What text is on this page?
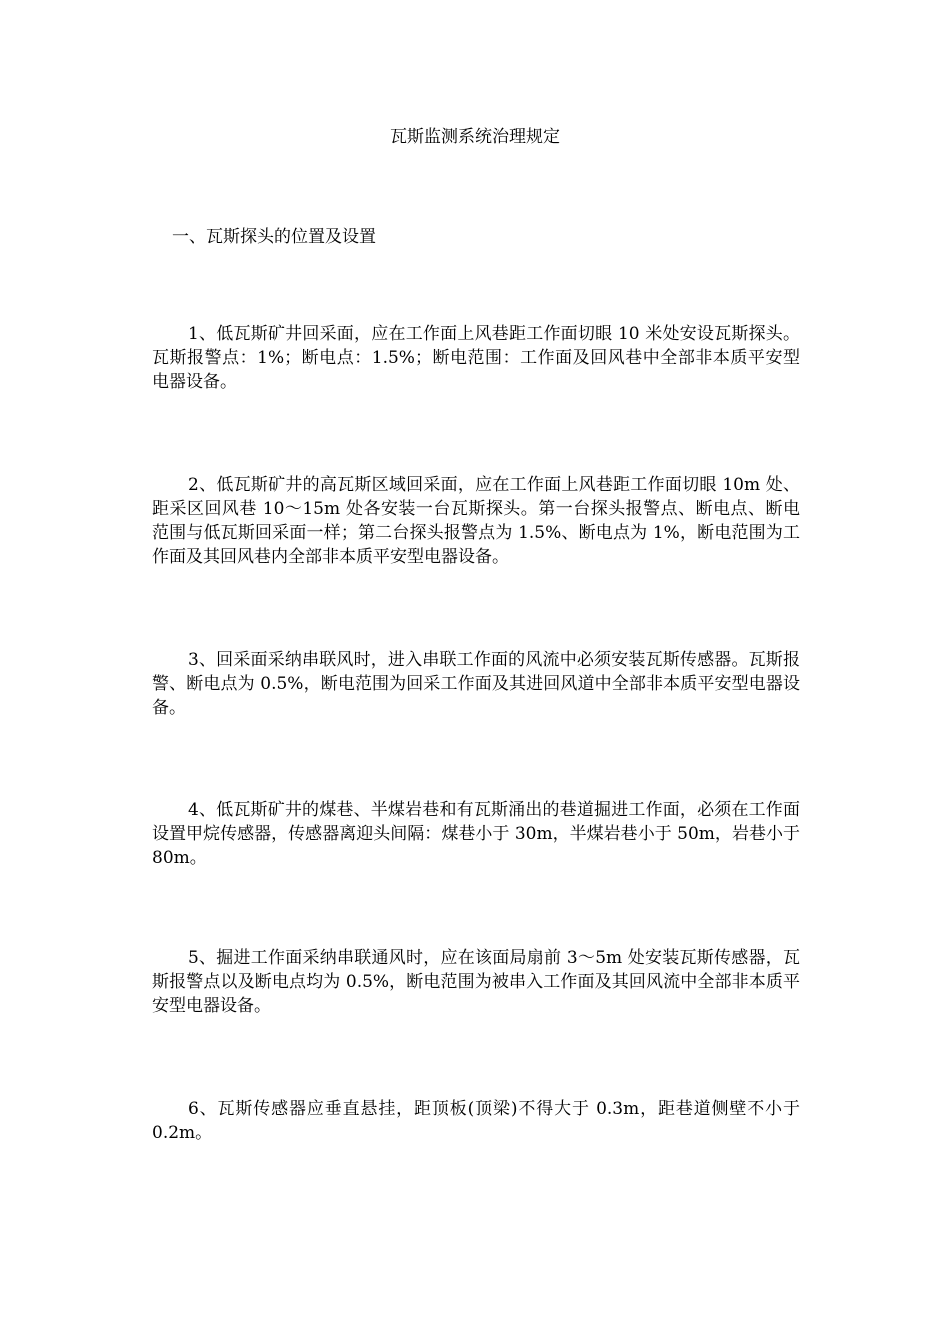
瓦斯监测系统治理规定
一、瓦斯探头的位置及设置

1、低瓦斯矿井回采面，应在工作面上风巷距工作面切眼 10 米处安设瓦斯探头。瓦斯报警点：1%；断电点：1.5%；断电范围：工作面及回风巷中全部非本质平安型电器设备。

2、低瓦斯矿井的高瓦斯区域回采面，应在工作面上风巷距工作面切眼 10m 处、距采区回风巷 10～15m 处各安装一台瓦斯探头。第一台探头报警点、断电点、断电范围与低瓦斯回采面一样；第二台探头报警点为 1.5%、断电点为 1%，断电范围为工作面及其回风巷内全部非本质平安型电器设备。

3、回采面采纳串联风时，进入串联工作面的风流中必须安装瓦斯传感器。瓦斯报警、断电点为 0.5%，断电范围为回采工作面及其进回风道中全部非本质平安型电器设备。

4、低瓦斯矿井的煤巷、半煤岩巷和有瓦斯涌出的巷道掘进工作面，必须在工作面设置甲烷传感器，传感器离迎头间隔：煤巷小于 30m，半煤岩巷小于 50m，岩巷小于 80m。

5、掘进工作面采纳串联通风时，应在该面局扇前 3～5m 处安装瓦斯传感器，瓦斯报警点以及断电点均为 0.5%，断电范围为被串入工作面及其回风流中全部非本质平安型电器设备。

6、瓦斯传感器应垂直悬挂，距顶板(顶梁)不得大于 0.3m，距巷道侧壁不小于 0.2m。
